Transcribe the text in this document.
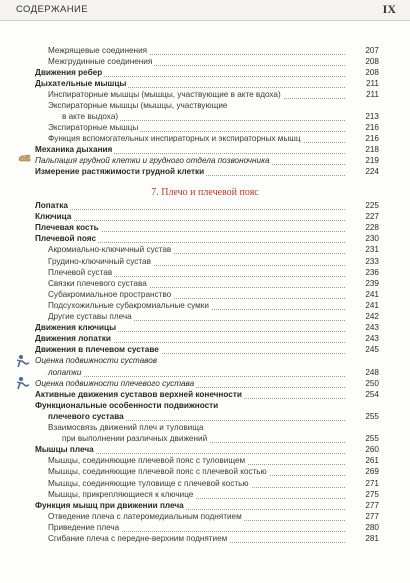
СОДЕРЖАНИЕ	IX
Межрящевые соединения	207
Межгрудинные соединения	208
Движения ребер	208
Дыхательные мышцы	211
Инспираторные мышцы (мышцы, участвующие в акте вдоха)	211
Экспираторные мышцы (мышцы, участвующие
в акте выдоха)	213
Экспираторные мышцы	216
Функция вспомогательных инспираторных и экспираторных мышц	216
Механика дыхания	218
Пальпация грудной клетки и грудного отдела позвоночника	219
Измерение растяжимости грудной клетки	224
Лопатка	225
Ключица	227
Плечевая кость	228
Плечевой пояс	230
Акромиально-ключичный сустав	231
Грудино-ключичный сустав	233
Плечевой сустав	236
Связки плечевого сустава	239
Субакромиальное пространство	241
Подсухожильные субакромиальные сумки	241
Другие суставы плеча	242
Движения ключицы	243
Движения лопатки	243
Движения в плечевом суставе	245
Оценка подвижности суставов
лопатки	248
Оценка подвижности плечевого сустава	250
Активные движения суставов верхней конечности	254
Функциональные особенности подвижности
плечевого сустава	255
Взаимосвязь движений плеч и туловища
при выполнении различных движений	255
Мышцы плеча	260
Мышцы, соединяющие плечевой пояс с туловищем	261
Мышцы, соединяющие плечевой пояс с плечевой костью	269
Мышцы, соединяющие туловище с плечевой костью	271
Мышцы, прикрепляющиеся к ключице	275
Функция мышц при движении плеча	277
Отведение плеча с латеромедиальным поднятием	277
Приведение плеча	280
Сгибание плеча с передне-верхним поднятием	281
7. Плечо и плечевой пояс
